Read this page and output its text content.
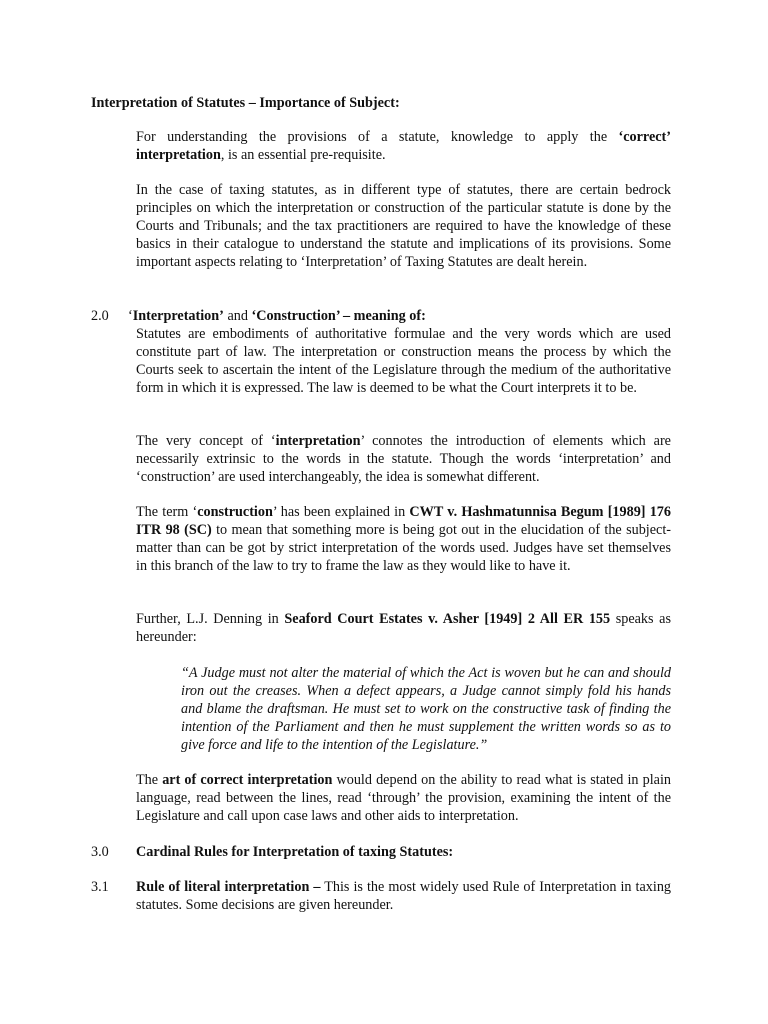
Interpretation of Statutes – Importance of Subject:

For understanding the provisions of a statute, knowledge to apply the ‘correct’ interpretation, is an essential pre-requisite.

In the case of taxing statutes, as in different type of statutes, there are certain bedrock principles on which the interpretation or construction of the particular statute is done by the Courts and Tribunals; and the tax practitioners are required to have the knowledge of these basics in their catalogue to understand the statute and implications of its provisions. Some important aspects relating to ‘Interpretation’ of Taxing Statutes are dealt herein.

2.0 ‘Interpretation’ and ‘Construction’ – meaning of:

Statutes are embodiments of authoritative formulae and the very words which are used constitute part of law. The interpretation or construction means the process by which the Courts seek to ascertain the intent of the Legislature through the medium of the authoritative form in which it is expressed. The law is deemed to be what the Court interprets it to be.

The very concept of ‘interpretation’ connotes the introduction of elements which are necessarily extrinsic to the words in the statute. Though the words ‘interpretation’ and ‘construction’ are used interchangeably, the idea is somewhat different.

The term ‘construction’ has been explained in CWT v. Hashmatunnisa Begum [1989] 176 ITR 98 (SC) to mean that something more is being got out in the elucidation of the subject-matter than can be got by strict interpretation of the words used. Judges have set themselves in this branch of the law to try to frame the law as they would like to have it.

Further, L.J. Denning in Seaford Court Estates v. Asher [1949] 2 All ER 155 speaks as hereunder:

“A Judge must not alter the material of which the Act is woven but he can and should iron out the creases. When a defect appears, a Judge cannot simply fold his hands and blame the draftsman. He must set to work on the constructive task of finding the intention of the Parliament and then he must supplement the written words so as to give force and life to the intention of the Legislature.”

The art of correct interpretation would depend on the ability to read what is stated in plain language, read between the lines, read ‘through’ the provision, examining the intent of the Legislature and call upon case laws and other aids to interpretation.

3.0 Cardinal Rules for Interpretation of taxing Statutes:

3.1 Rule of literal interpretation – This is the most widely used Rule of Interpretation in taxing statutes. Some decisions are given hereunder.
